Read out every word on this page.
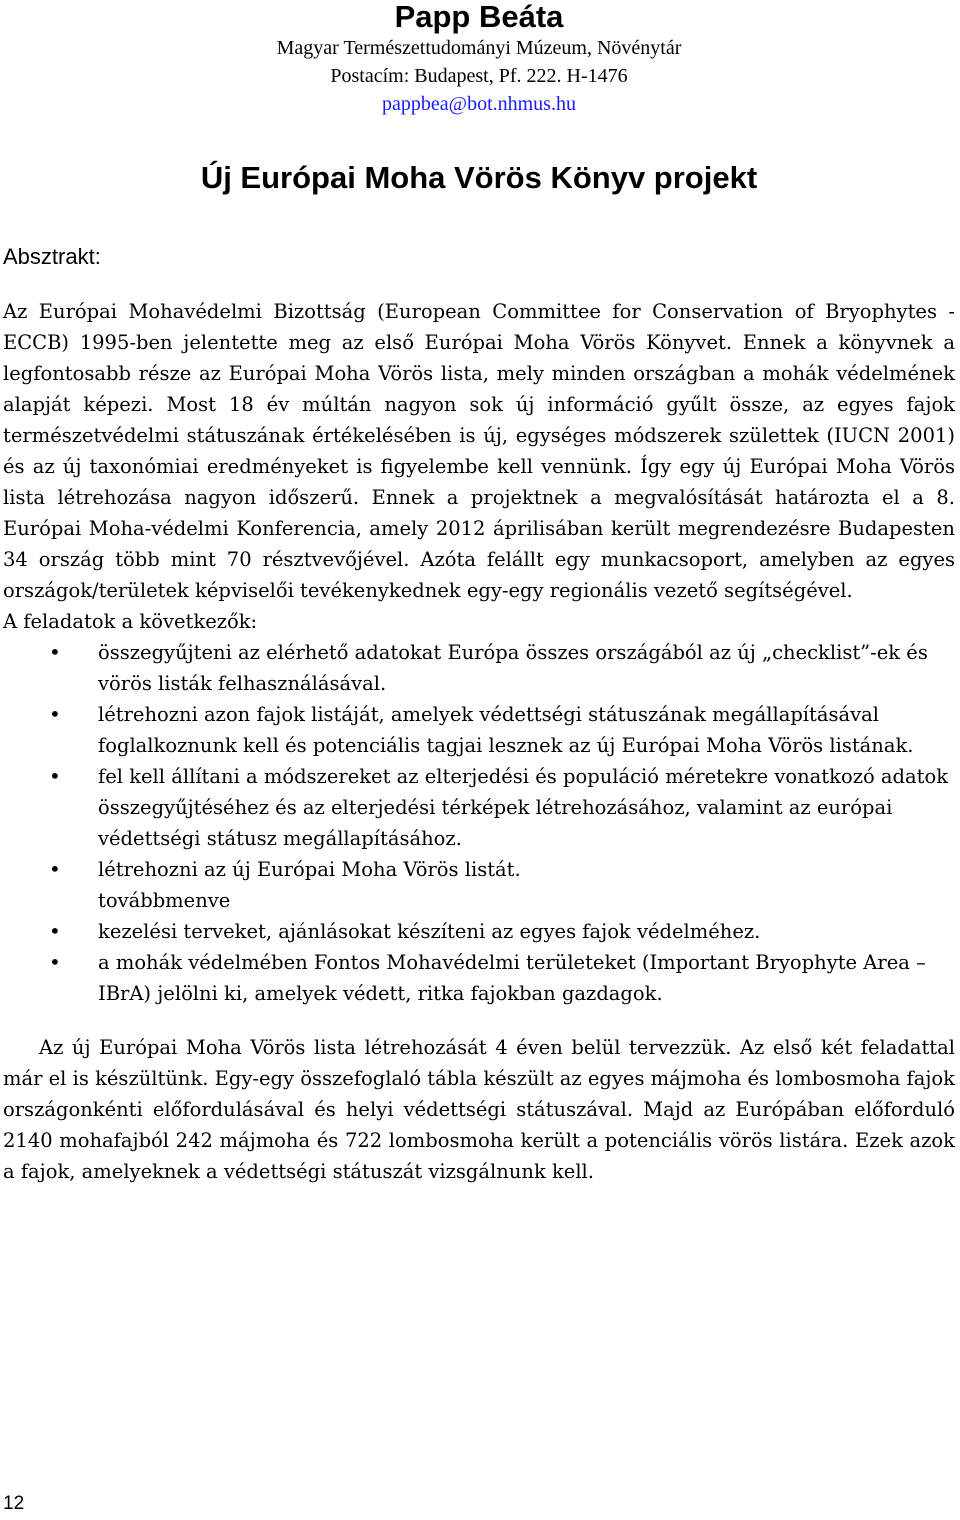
Papp Beáta

Magyar Természettudományi Múzeum, Növénytár
Postacím: Budapest, Pf. 222. H-1476
pappbea@bot.nhmus.hu

Új Európai Moha Vörös Könyv projekt
Absztrakt:

Az Európai Mohavédelmi Bizottság (European Committee for Conservation of Bryophytes - ECCB) 1995-ben jelentette meg az első Európai Moha Vörös Könyvet. Ennek a könyvnek a legfontosabb része az Európai Moha Vörös lista, mely minden országban a mohák védelmének alapját képezi. Most 18 év múltán nagyon sok új információ gyűlt össze, az egyes fajok természetvédelmi státuszának értékelésében is új, egységes módszerek születtek (IUCN 2001) és az új taxonómiai eredményeket is figyelembe kell vennünk. Így egy új Európai Moha Vörös lista létrehozása nagyon időszerű. Ennek a projektnek a megvalósítását határozta el a 8. Európai Moha-védelmi Konferencia, amely 2012 áprilisában került megrendezésre Budapesten 34 ország több mint 70 résztvevőjével. Azóta felállt egy munkacsoport, amelyben az egyes országok/területek képviselői tevékenykednek egy-egy regionális vezető segítségével.

A feladatok a következők:

• összegyűjteni az elérhető adatokat Európa összes országából az új „checklist”-ek és vörös listák felhasználásával.
• létrehozni azon fajok listáját, amelyek védettségi státuszának megállapításával foglalkoznunk kell és potenciális tagjai lesznek az új Európai Moha Vörös listának.
• fel kell állítani a módszereket az elterjedési és populáció méretekre vonatkozó adatok összegyűjtéséhez és az elterjedési térképek létrehozásához, valamint az európai védettségi státusz megállapításához.
• létrehozni az új Európai Moha Vörös listát.

továbbmenve

• kezelési terveket, ajánlásokat készíteni az egyes fajok védelméhez.
• a mohák védelmében Fontos Mohavédelmi területeket (Important Bryophyte Area – IBrA) jelölni ki, amelyek védett, ritka fajokban gazdagok.

Az új Európai Moha Vörös lista létrehozását 4 éven belül tervezzük. Az első két feladattal már el is készültünk. Egy-egy összefoglaló tábla készült az egyes májmoha és lombosmoha fajok országonkénti előfordulásával és helyi védettségi státuszával. Majd az Európában előforduló 2140 mohafajból 242 májmoha és 722 lombosmoha került a potenciális vörös listára. Ezek azok a fajok, amelyeknek a védettségi státuszát vizsgálnunk kell.

12
